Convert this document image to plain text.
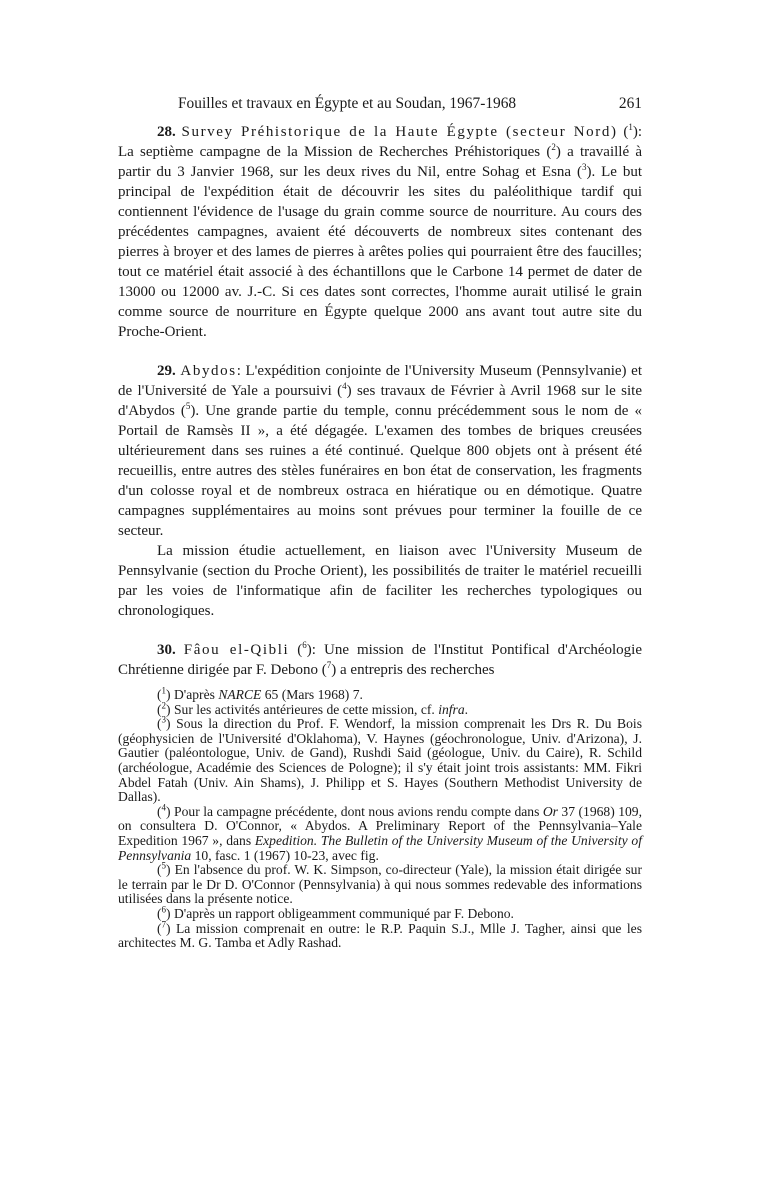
Fouilles et travaux en Égypte et au Soudan, 1967-1968	261

28. Survey Préhistorique de la Haute Égypte (secteur Nord) ($^1$): La septième campagne de la Mission de Recherches Préhistoriques ($^2$) a travaillé à partir du 3 Janvier 1968, sur les deux rives du Nil, entre Sohag et Esna ($^3$). Le but principal de l'expédition était de découvrir les sites du paléolithique tardif qui contiennent l'évidence de l'usage du grain comme source de nourriture. Au cours des précédentes campagnes, avaient été découverts de nombreux sites contenant des pierres à broyer et des lames de pierres à arêtes polies qui pourraient être des faucilles; tout ce matériel était associé à des échantillons que le Carbone 14 permet de dater de 13000 ou 12000 av. J.-C. Si ces dates sont correctes, l'homme aurait utilisé le grain comme source de nourriture en Égypte quelque 2000 ans avant tout autre site du Proche-Orient.

29. Abydos: L'expédition conjointe de l'University Museum (Pennsylvanie) et de l'Université de Yale a poursuivi ($^4$) ses travaux de Février à Avril 1968 sur le site d'Abydos ($^5$). Une grande partie du temple, connu précédemment sous le nom de « Portail de Ramsès II », a été dégagée. L'examen des tombes de briques creusées ultérieurement dans ses ruines a été continué. Quelque 800 objets ont à présent été recueillis, entre autres des stèles funéraires en bon état de conservation, les fragments d'un colosse royal et de nombreux ostraca en hiératique ou en démotique. Quatre campagnes supplémentaires au moins sont prévues pour terminer la fouille de ce secteur.

La mission étudie actuellement, en liaison avec l'University Museum de Pennsylvanie (section du Proche Orient), les possibilités de traiter le matériel recueilli par les voies de l'informatique afin de faciliter les recherches typologiques ou chronologiques.

30. Fâou el-Qibli ($^6$): Une mission de l'Institut Pontifical d'Archéologie Chrétienne dirigée par F. Debono ($^7$) a entrepris des recherches

($^1$) D'après NARCE 65 (Mars 1968) 7.

($^2$) Sur les activités antérieures de cette mission, cf. infra.

($^3$) Sous la direction du Prof. F. Wendorf, la mission comprenait les Drs R. Du Bois (géophysicien de l'Université d'Oklahoma), V. Haynes (géochronologue, Univ. d'Arizona), J. Gautier (paléontologue, Univ. de Gand), Rushdi Said (géologue, Univ. du Caire), R. Schild (archéologue, Académie des Sciences de Pologne); il s'y était joint trois assistants: MM. Fikri Abdel Fatah (Univ. Ain Shams), J. Philipp et S. Hayes (Southern Methodist University de Dallas).

($^4$) Pour la campagne précédente, dont nous avions rendu compte dans Or 37 (1968) 109, on consultera D. O'Connor, « Abydos. A Preliminary Report of the Pennsylvania–Yale Expedition 1967 », dans Expedition. The Bulletin of the University Museum of the University of Pennsylvania 10, fasc. 1 (1967) 10-23, avec fig.

($^5$) En l'absence du prof. W. K. Simpson, co-directeur (Yale), la mission était dirigée sur le terrain par le Dr D. O'Connor (Pennsylvania) à qui nous sommes redevable des informations utilisées dans la présente notice.

($^6$) D'après un rapport obligeamment communiqué par F. Debono.

($^7$) La mission comprenait en outre: le R.P. Paquin S.J., Mlle J. Tagher, ainsi que les architectes M. G. Tamba et Adly Rashad.
